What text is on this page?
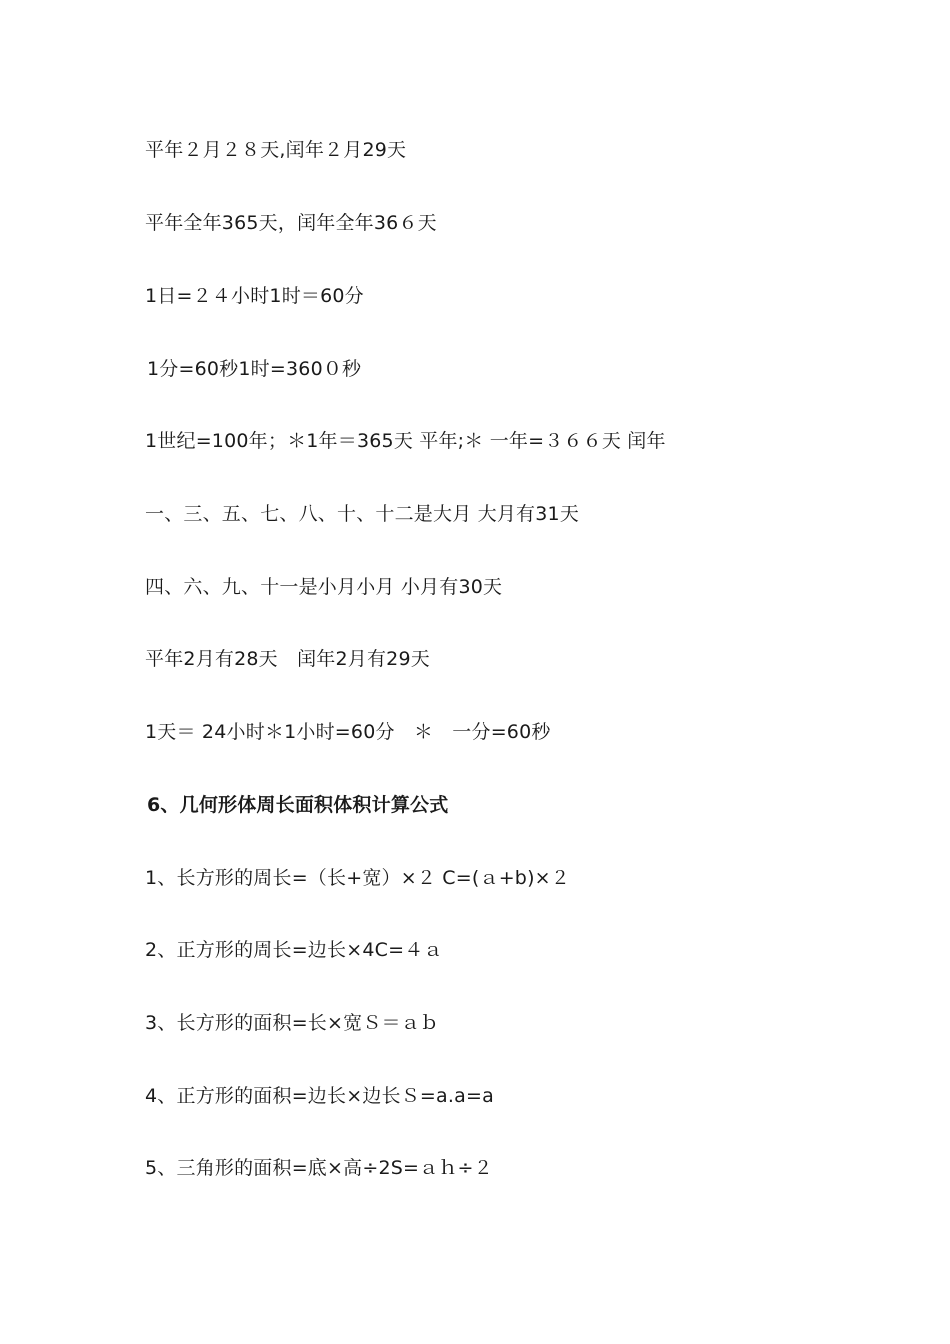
平年２月２８天,闰年２月29天
平年全年365天，闰年全年36６天
1日=２４小时1时＝60分
1分=60秒1时=360０秒
1世纪=100年；＊1年＝365天 平年;＊ 一年=３６６天 闰年
一、三、五、七、八、十、十二是大月 大月有31天
四、六、九、十一是小月小月 小月有30天
平年2月有28天　闰年2月有29天
1天＝ 24小时＊1小时=60分　＊　一分=60秒
6、几何形体周长面积体积计算公式
1、长方形的周长=（长+宽）×２ C=(ａ+b)×２
2、正方形的周长=边长×4C=４ａ
3、长方形的面积=长×宽Ｓ＝ａｂ
4、正方形的面积=边长×边长Ｓ=a.a=a
5、三角形的面积=底×高÷2S=ａｈ÷２
